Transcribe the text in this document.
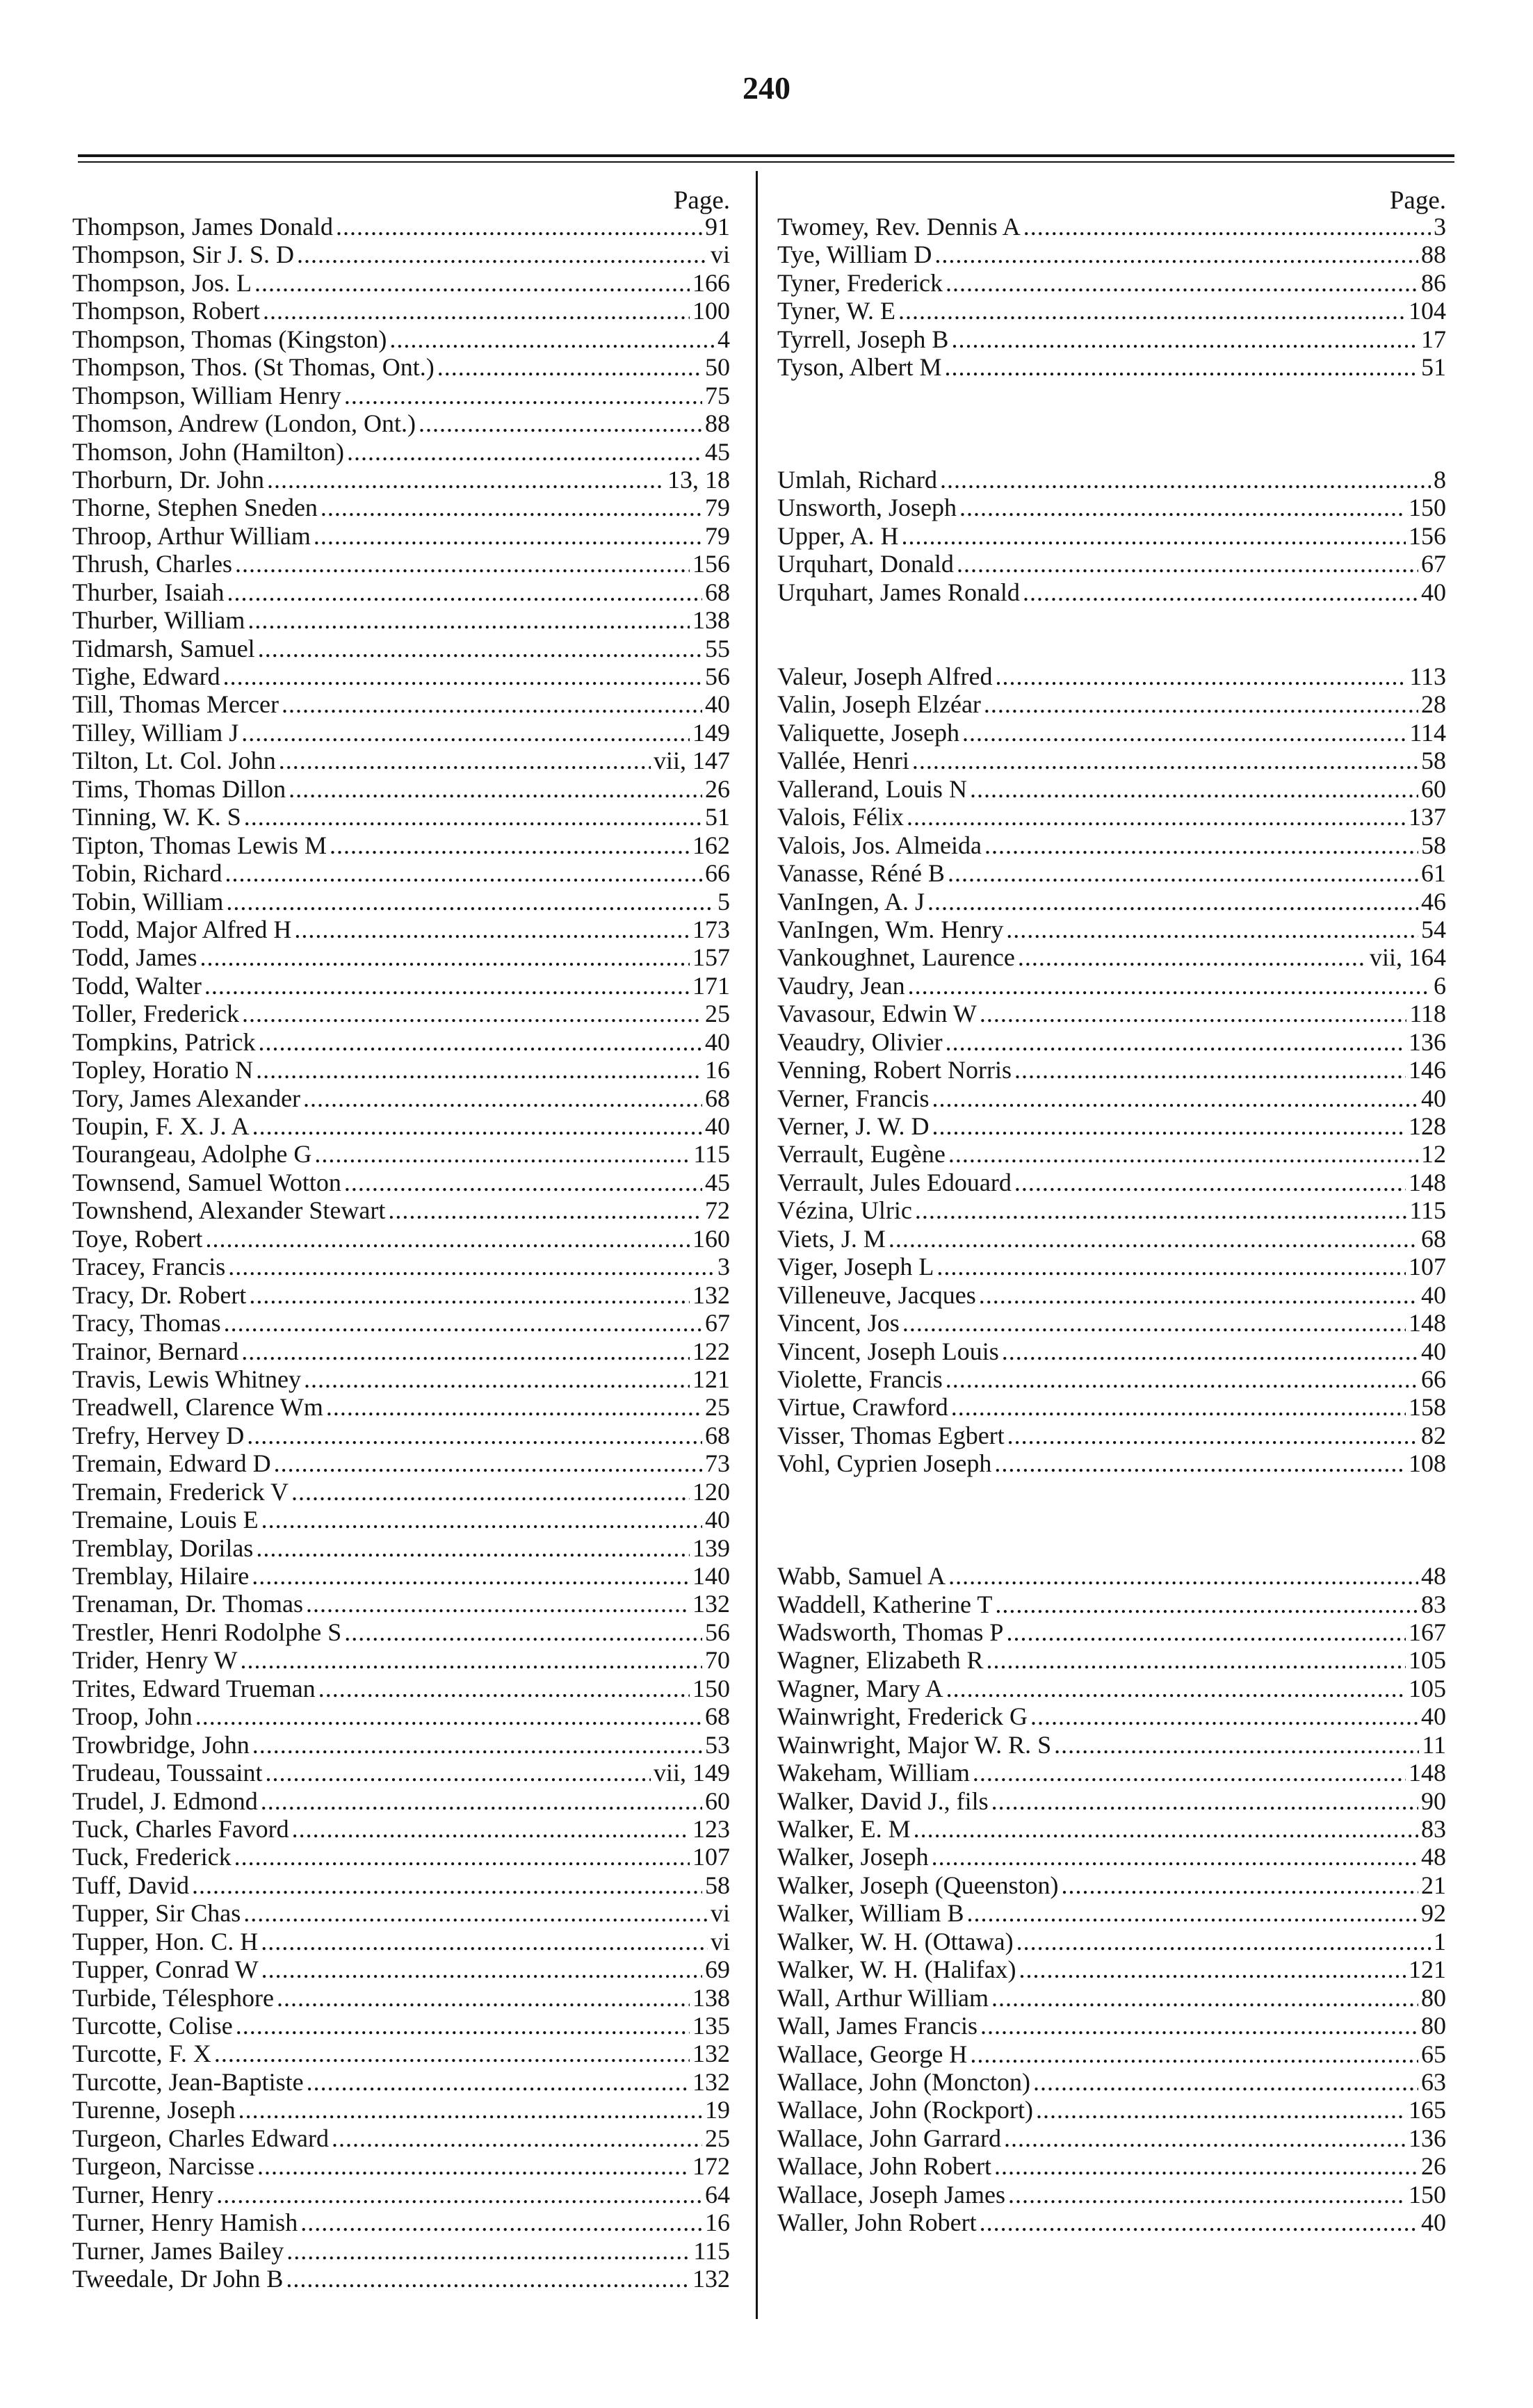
240
Page.
Thompson, James Donald .....	91
Thompson, Sir J. S. D .....	vi
Thompson, Jos. L .....	166
Thompson, Robert .....	100
Thompson, Thomas (Kingston) .....	4
Thompson, Thos. (St Thomas, Ont.) .....	50
Thompson, William Henry .....	75
Thomson, Andrew (London, Ont.) .....	88
Thomson, John (Hamilton) .....	45
Thorburn, Dr. John .....	13, 18
Thorne, Stephen Sneden .....	79
Throop, Arthur William .....	79
Thrush, Charles .....	156
Thurber, Isaiah .....	68
Thurber, William .....	138
Tidmarsh, Samuel .....	55
Tighe, Edward .....	56
Till, Thomas Mercer .....	40
Tilley, William J .....	149
Tilton, Lt. Col. John .....	vii, 147
Tims, Thomas Dillon .....	26
Tinning, W. K. S .....	51
Tipton, Thomas Lewis M .....	162
Tobin, Richard .....	66
Tobin, William .....	5
Todd, Major Alfred H .....	173
Todd, James .....	157
Todd, Walter .....	171
Toller, Frederick .....	25
Tompkins, Patrick .....	40
Topley, Horatio N .....	16
Tory, James Alexander .....	68
Toupin, F. X. J. A .....	40
Tourangeau, Adolphe G .....	115
Townsend, Samuel Wotton .....	45
Townshend, Alexander Stewart .....	72
Toye, Robert .....	160
Tracey, Francis .....	3
Tracy, Dr. Robert .....	132
Tracy, Thomas .....	67
Trainor, Bernard .....	122
Travis, Lewis Whitney .....	121
Treadwell, Clarence Wm .....	25
Trefry, Hervey D .....	68
Tremain, Edward D .....	73
Tremain, Frederick V .....	120
Tremaine, Louis E .....	40
Tremblay, Dorilas .....	139
Tremblay, Hilaire .....	140
Trenaman, Dr. Thomas .....	132
Trestler, Henri Rodolphe S .....	56
Trider, Henry W .....	70
Trites, Edward Trueman .....	150
Troop, John .....	68
Trowbridge, John .....	53
Trudeau, Toussaint .....	vii, 149
Trudel, J. Edmond .....	60
Tuck, Charles Favord .....	123
Tuck, Frederick .....	107
Tuff, David .....	58
Tupper, Sir Chas .....	vi
Tupper, Hon. C. H .....	vi
Tupper, Conrad W .....	69
Turbide, Télesphore .....	138
Turcotte, Colise .....	135
Turcotte, F. X .....	132
Turcotte, Jean-Baptiste .....	132
Turenne, Joseph .....	19
Turgeon, Charles Edward .....	25
Turgeon, Narcisse .....	172
Turner, Henry .....	64
Turner, Henry Hamish .....	16
Turner, James Bailey .....	115
Tweedale, Dr John B .....	132
Page.
Twomey, Rev. Dennis A .....	3
Tye, William D .....	88
Tyner, Frederick .....	86
Tyner, W. E .....	104
Tyrrell, Joseph B .....	17
Tyson, Albert M .....	51
Umlah, Richard .....	8
Unsworth, Joseph .....	150
Upper, A. H .....	156
Urquhart, Donald .....	67
Urquhart, James Ronald .....	40
Valeur, Joseph Alfred .....	113
Valin, Joseph Elzéar .....	28
Valiquette, Joseph .....	114
Vallée, Henri .....	58
Vallerand, Louis N .....	60
Valois, Félix .....	137
Valois, Jos. Almeida .....	58
Vanasse, Réné B .....	61
VanIngen, A. J .....	46
VanIngen, Wm. Henry .....	54
Vankoughnet, Laurence .....	vii, 164
Vaudry, Jean .....	6
Vavasour, Edwin W .....	118
Veaudry, Olivier .....	136
Venning, Robert Norris .....	146
Verner, Francis .....	40
Verner, J. W. D .....	128
Verrault, Eugène .....	12
Verrault, Jules Edouard .....	148
Vézina, Ulric .....	115
Viets, J. M .....	68
Viger, Joseph L .....	107
Villeneuve, Jacques .....	40
Vincent, Jos .....	148
Vincent, Joseph Louis .....	40
Violette, Francis .....	66
Virtue, Crawford .....	158
Visser, Thomas Egbert .....	82
Vohl, Cyprien Joseph .....	108
Wabb, Samuel A .....	48
Waddell, Katherine T .....	83
Wadsworth, Thomas P .....	167
Wagner, Elizabeth R .....	105
Wagner, Mary A .....	105
Wainwright, Frederick G .....	40
Wainwright, Major W. R. S .....	11
Wakeham, William .....	148
Walker, David J., fils .....	90
Walker, E. M .....	83
Walker, Joseph .....	48
Walker, Joseph (Queenston) .....	21
Walker, William B .....	92
Walker, W. H. (Ottawa) .....	1
Walker, W. H. (Halifax) .....	121
Wall, Arthur William .....	80
Wall, James Francis .....	80
Wallace, George H .....	65
Wallace, John (Moncton) .....	63
Wallace, John (Rockport) .....	165
Wallace, John Garrard .....	136
Wallace, John Robert .....	26
Wallace, Joseph James .....	150
Waller, John Robert .....	40
